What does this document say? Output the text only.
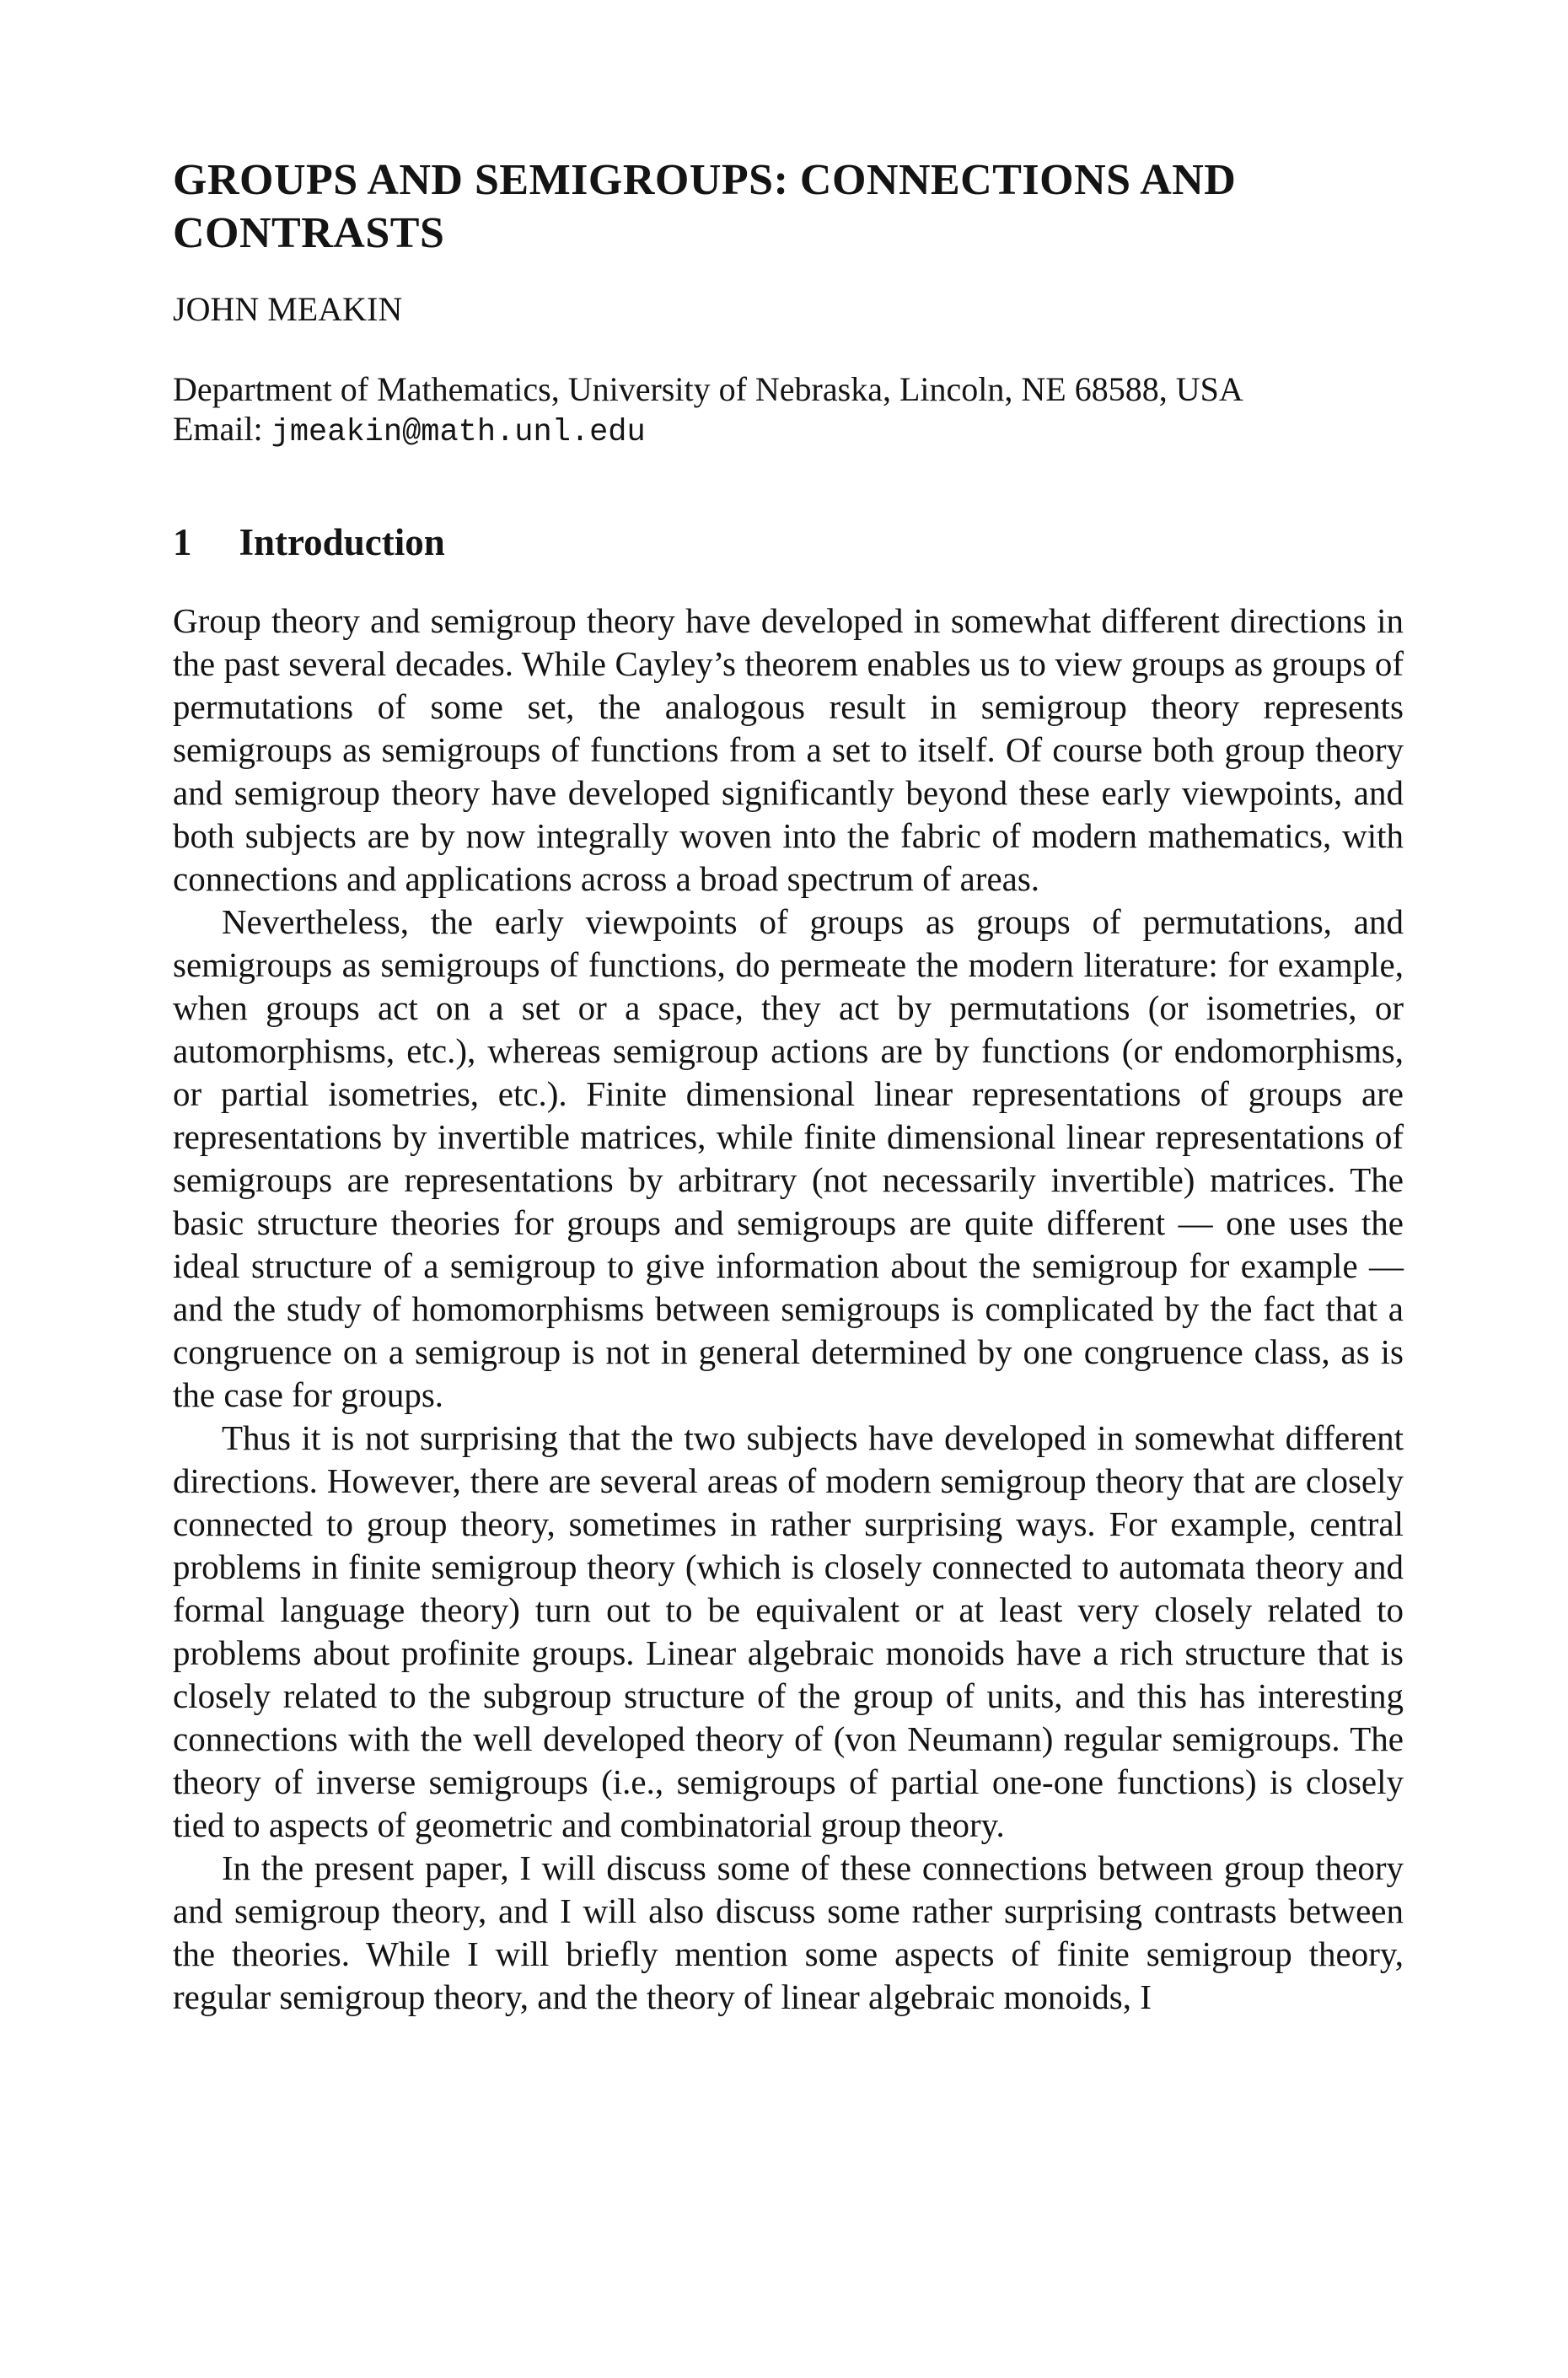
GROUPS AND SEMIGROUPS: CONNECTIONS AND CONTRASTS
JOHN MEAKIN
Department of Mathematics, University of Nebraska, Lincoln, NE 68588, USA
Email: jmeakin@math.unl.edu
1 Introduction

Group theory and semigroup theory have developed in somewhat different directions in the past several decades. While Cayley’s theorem enables us to view groups as groups of permutations of some set, the analogous result in semigroup theory represents semigroups as semigroups of functions from a set to itself. Of course both group theory and semigroup theory have developed significantly beyond these early viewpoints, and both subjects are by now integrally woven into the fabric of modern mathematics, with connections and applications across a broad spectrum of areas.

Nevertheless, the early viewpoints of groups as groups of permutations, and semigroups as semigroups of functions, do permeate the modern literature: for example, when groups act on a set or a space, they act by permutations (or isometries, or automorphisms, etc.), whereas semigroup actions are by functions (or endomorphisms, or partial isometries, etc.). Finite dimensional linear representations of groups are representations by invertible matrices, while finite dimensional linear representations of semigroups are representations by arbitrary (not necessarily invertible) matrices. The basic structure theories for groups and semigroups are quite different — one uses the ideal structure of a semigroup to give information about the semigroup for example — and the study of homomorphisms between semigroups is complicated by the fact that a congruence on a semigroup is not in general determined by one congruence class, as is the case for groups.

Thus it is not surprising that the two subjects have developed in somewhat different directions. However, there are several areas of modern semigroup theory that are closely connected to group theory, sometimes in rather surprising ways. For example, central problems in finite semigroup theory (which is closely connected to automata theory and formal language theory) turn out to be equivalent or at least very closely related to problems about profinite groups. Linear algebraic monoids have a rich structure that is closely related to the subgroup structure of the group of units, and this has interesting connections with the well developed theory of (von Neumann) regular semigroups. The theory of inverse semigroups (i.e., semigroups of partial one-one functions) is closely tied to aspects of geometric and combinatorial group theory.

In the present paper, I will discuss some of these connections between group theory and semigroup theory, and I will also discuss some rather surprising contrasts between the theories. While I will briefly mention some aspects of finite semigroup theory, regular semigroup theory, and the theory of linear algebraic monoids, I
